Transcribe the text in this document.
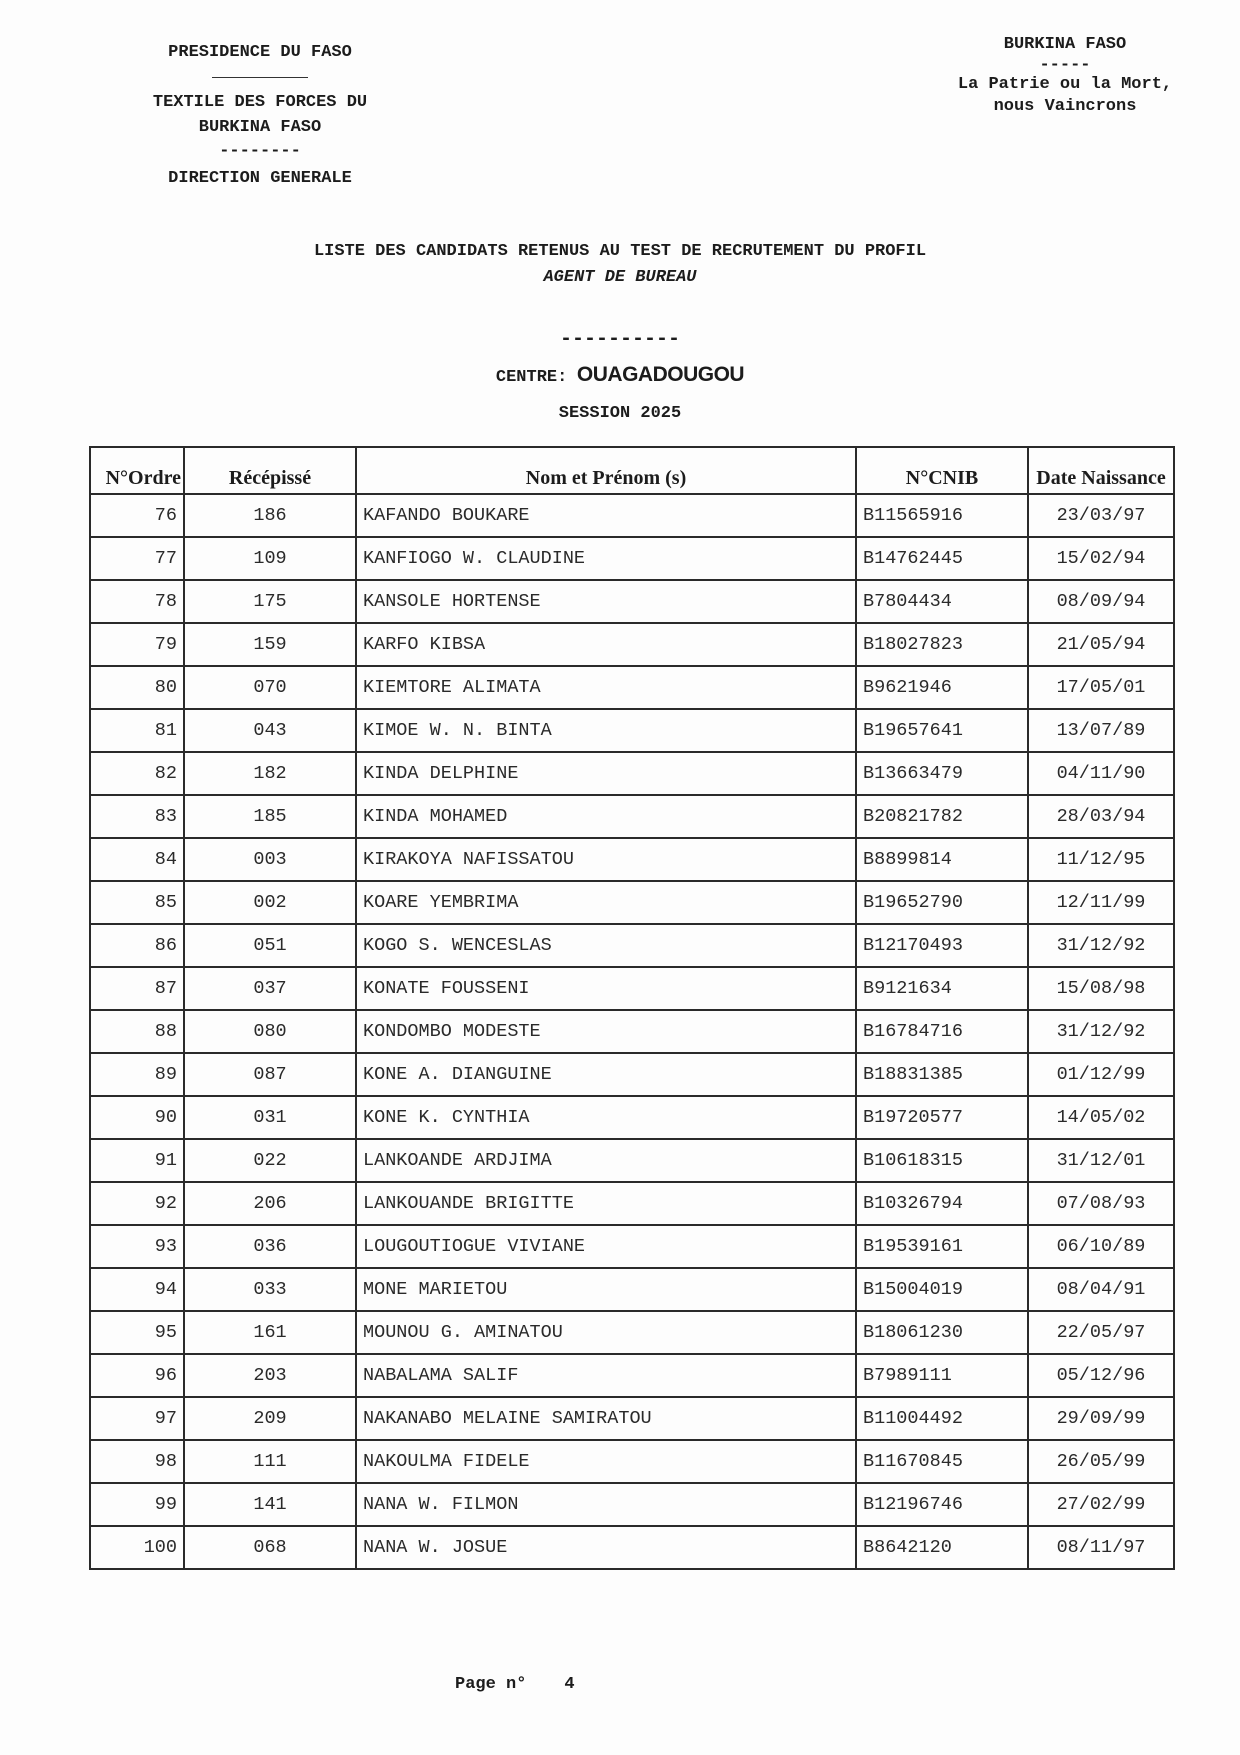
PRESIDENCE DU FASO
TEXTILE DES FORCES DU
BURKINA FASO
--------
DIRECTION GENERALE
BURKINA FASO
-----
La Patrie ou la Mort,
nous Vaincrons
LISTE DES CANDIDATS RETENUS AU TEST DE RECRUTEMENT DU PROFIL
AGENT DE BUREAU
----------
CENTRE: OUAGADOUGOU
SESSION 2025
N°Ordre	Récépissé	Nom et Prénom (s)	N°CNIB	Date Naissance
76	186	KAFANDO BOUKARE	B11565916	23/03/97
77	109	KANFIOGO W. CLAUDINE	B14762445	15/02/94
78	175	KANSOLE HORTENSE	B7804434	08/09/94
79	159	KARFO KIBSA	B18027823	21/05/94
80	070	KIEMTORE ALIMATA	B9621946	17/05/01
81	043	KIMOE W. N. BINTA	B19657641	13/07/89
82	182	KINDA DELPHINE	B13663479	04/11/90
83	185	KINDA MOHAMED	B20821782	28/03/94
84	003	KIRAKOYA NAFISSATOU	B8899814	11/12/95
85	002	KOARE YEMBRIMA	B19652790	12/11/99
86	051	KOGO S. WENCESLAS	B12170493	31/12/92
87	037	KONATE FOUSSENI	B9121634	15/08/98
88	080	KONDOMBO MODESTE	B16784716	31/12/92
89	087	KONE A. DIANGUINE	B18831385	01/12/99
90	031	KONE K. CYNTHIA	B19720577	14/05/02
91	022	LANKOANDE ARDJIMA	B10618315	31/12/01
92	206	LANKOUANDE BRIGITTE	B10326794	07/08/93
93	036	LOUGOUTIOGUE VIVIANE	B19539161	06/10/89
94	033	MONE MARIETOU	B15004019	08/04/91
95	161	MOUNOU G. AMINATOU	B18061230	22/05/97
96	203	NABALAMA SALIF	B7989111	05/12/96
97	209	NAKANABO MELAINE SAMIRATOU	B11004492	29/09/99
98	111	NAKOULMA FIDELE	B11670845	26/05/99
99	141	NANA W. FILMON	B12196746	27/02/99
100	068	NANA W. JOSUE	B8642120	08/11/97
Page n° 4
